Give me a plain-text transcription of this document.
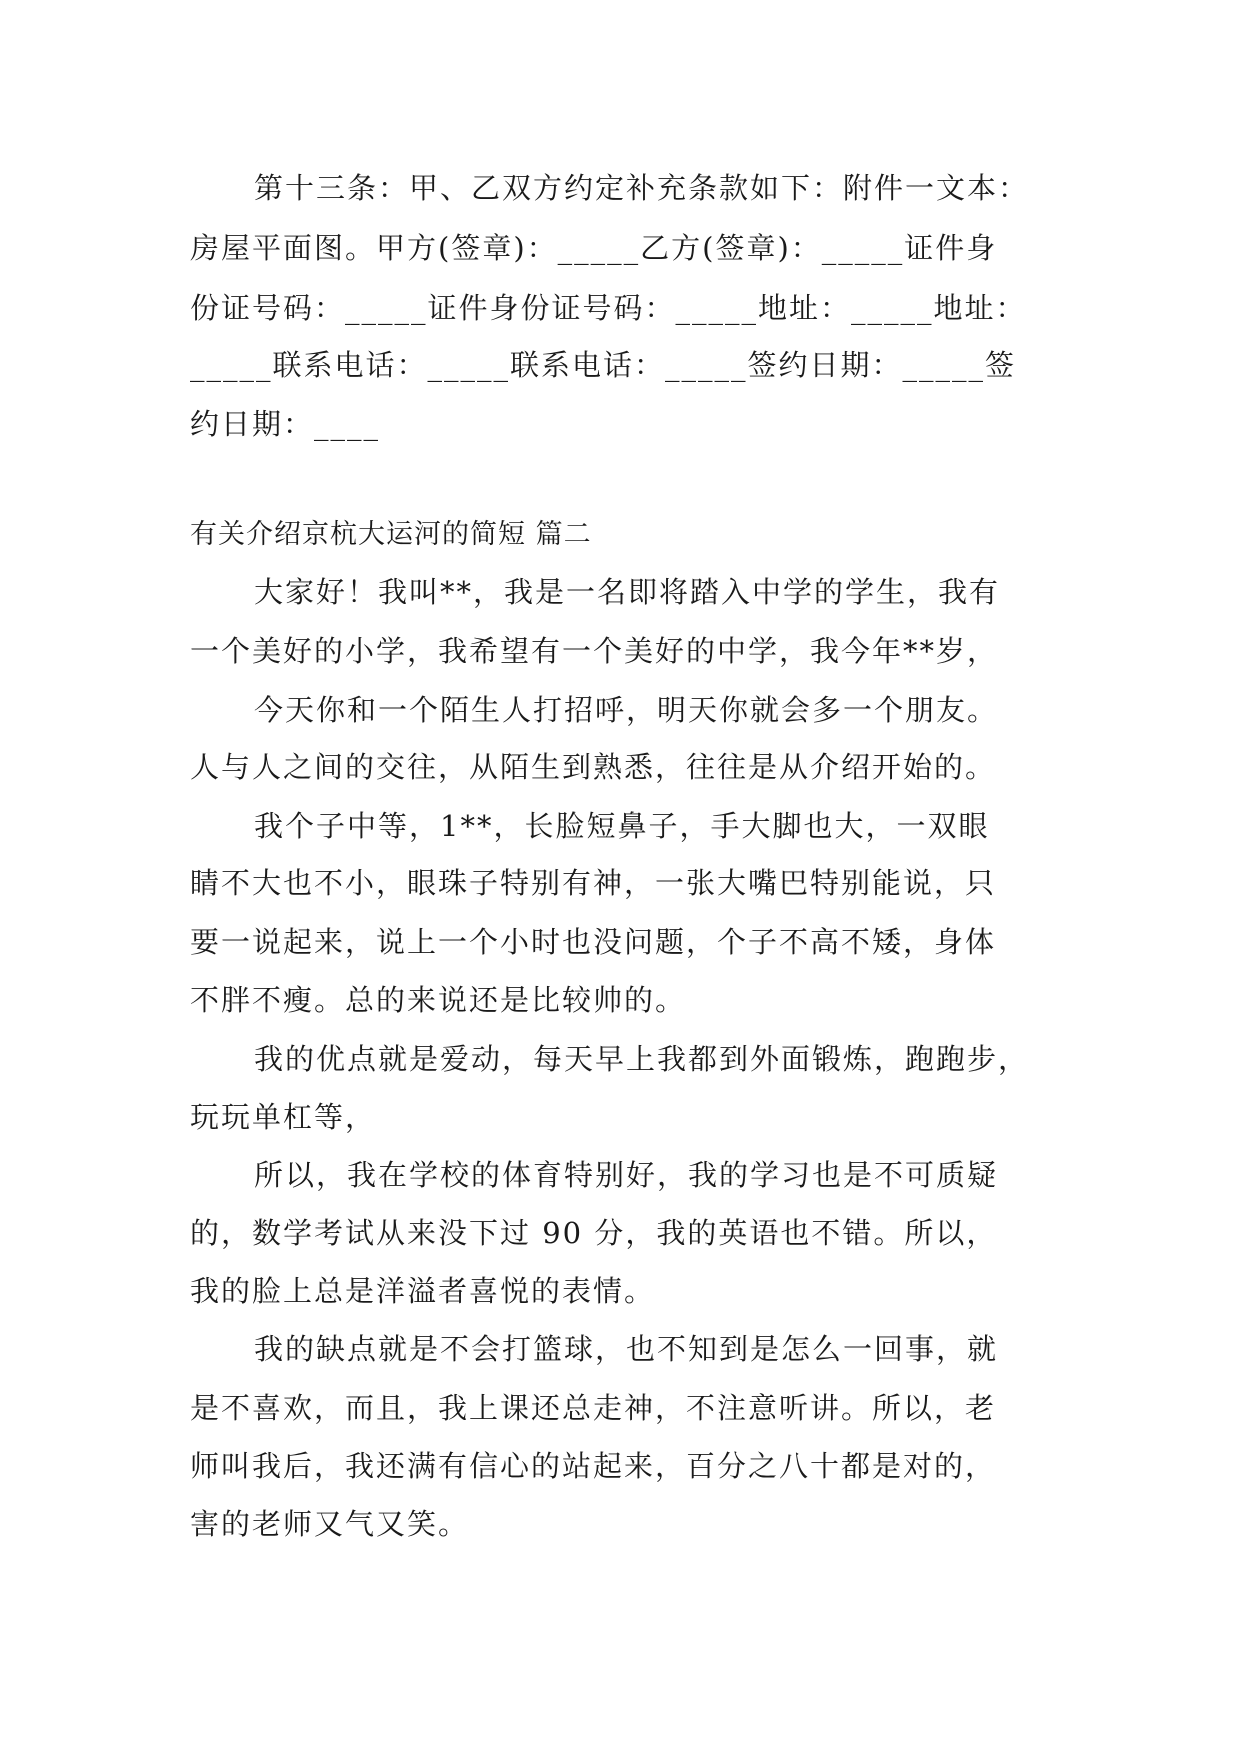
第十三条：甲、乙双方约定补充条款如下：附件一文本：
房屋平面图。甲方(签章)：_____乙方(签章)：_____证件身
份证号码：_____证件身份证号码：_____地址：_____地址：
_____联系电话：_____联系电话：_____签约日期：_____签
约日期：____
有关介绍京杭大运河的简短 篇二
大家好！我叫**，我是一名即将踏入中学的学生，我有
一个美好的小学，我希望有一个美好的中学，我今年**岁，
今天你和一个陌生人打招呼，明天你就会多一个朋友。
人与人之间的交往，从陌生到熟悉，往往是从介绍开始的。
我个子中等，1**，长脸短鼻子，手大脚也大，一双眼
睛不大也不小，眼珠子特别有神，一张大嘴巴特别能说，只
要一说起来，说上一个小时也没问题，个子不高不矮，身体
不胖不瘦。总的来说还是比较帅的。
我的优点就是爱动，每天早上我都到外面锻炼，跑跑步，
玩玩单杠等，
所以，我在学校的体育特别好，我的学习也是不可质疑
的，数学考试从来没下过 90 分，我的英语也不错。所以，
我的脸上总是洋溢者喜悦的表情。
我的缺点就是不会打篮球，也不知到是怎么一回事，就
是不喜欢，而且，我上课还总走神，不注意听讲。所以，老
师叫我后，我还满有信心的站起来，百分之八十都是对的，
害的老师又气又笑。
